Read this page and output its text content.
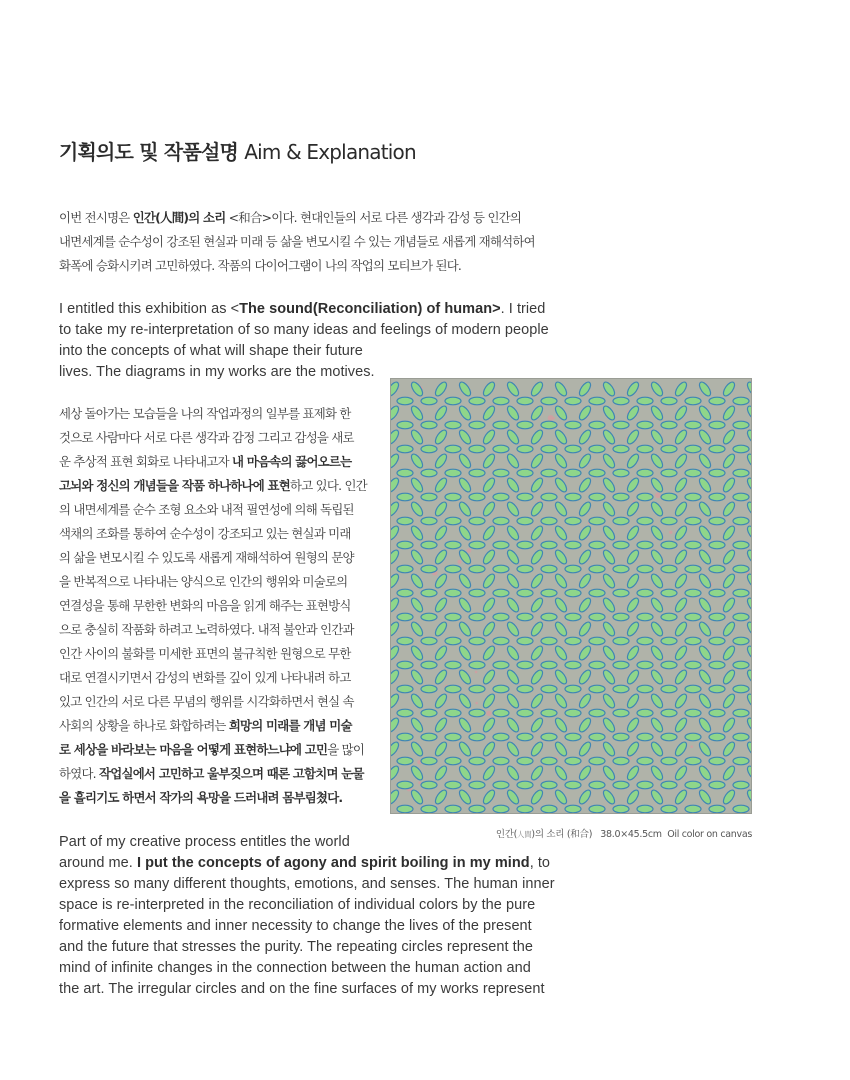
기획의도 및 작품설명 Aim & Explanation
이번 전시명은 인간(人間)의 소리 <和合>이다. 현대인들의 서로 다른 생각과 감성 등 인간의
내면세계를 순수성이 강조된 현실과 미래 등 삶을 변모시킬 수 있는 개념들로 새롭게 재해석하여
화폭에 승화시키려 고민하였다. 작품의 다이어그램이 나의 작업의 모티브가 된다.
I entitled this exhibition as <The sound(Reconciliation) of human>. I tried
to take my re-interpretation of so many ideas and feelings of modern people
into the concepts of what will shape their future
lives. The diagrams in my works are the motives.
세상 돌아가는 모습들을 나의 작업과정의 일부를 표제화 한
것으로 사람마다 서로 다른 생각과 감정 그리고 감성을 새로
운 추상적 표현 회화로 나타내고자 내 마음속의 끓어오르는
고뇌와 정신의 개념들을 작품 하나하나에 표현하고 있다. 인간
의 내면세계를 순수 조형 요소와 내적 필연성에 의해 독립된
색채의 조화를 통하여 순수성이 강조되고 있는 현실과 미래
의 삶을 변모시킬 수 있도록 새롭게 재해석하여 원형의 문양
을 반복적으로 나타내는 양식으로 인간의 행위와 미술로의
연결성을 통해 무한한 변화의 마음을 읽게 해주는 표현방식
으로 충실히 작품화 하려고 노력하였다. 내적 불안과 인간과
인간 사이의 불화를 미세한 표면의 불규칙한 원형으로 무한
대로 연결시키면서 감성의 변화를 깊이 있게 나타내려 하고
있고 인간의 서로 다른 무념의 행위를 시각화하면서 현실 속
사회의 상황을 하나로 화합하려는 희망의 미래를 개념 미술
로 세상을 바라보는 마음을 어떻게 표현하느냐에 고민을 많이
하였다. 작업실에서 고민하고 울부짖으며 때론 고함치며 눈물
을 흘리기도 하면서 작가의 욕망을 드러내려 몸부림쳤다.
Part of my creative process entitles the world
around me. I put the concepts of agony and spirit boiling in my mind, to
express so many different thoughts, emotions, and senses. The human inner
space is re-interpreted in the reconciliation of individual colors by the pure
formative elements and inner necessity to change the lives of the present
and the future that stresses the purity. The repeating circles represent the
mind of infinite changes in the connection between the human action and
the art. The irregular circles and on the fine surfaces of my works represent
인간(人間)의 소리 (和合) 38.0×45.5cm Oil color on canvas
